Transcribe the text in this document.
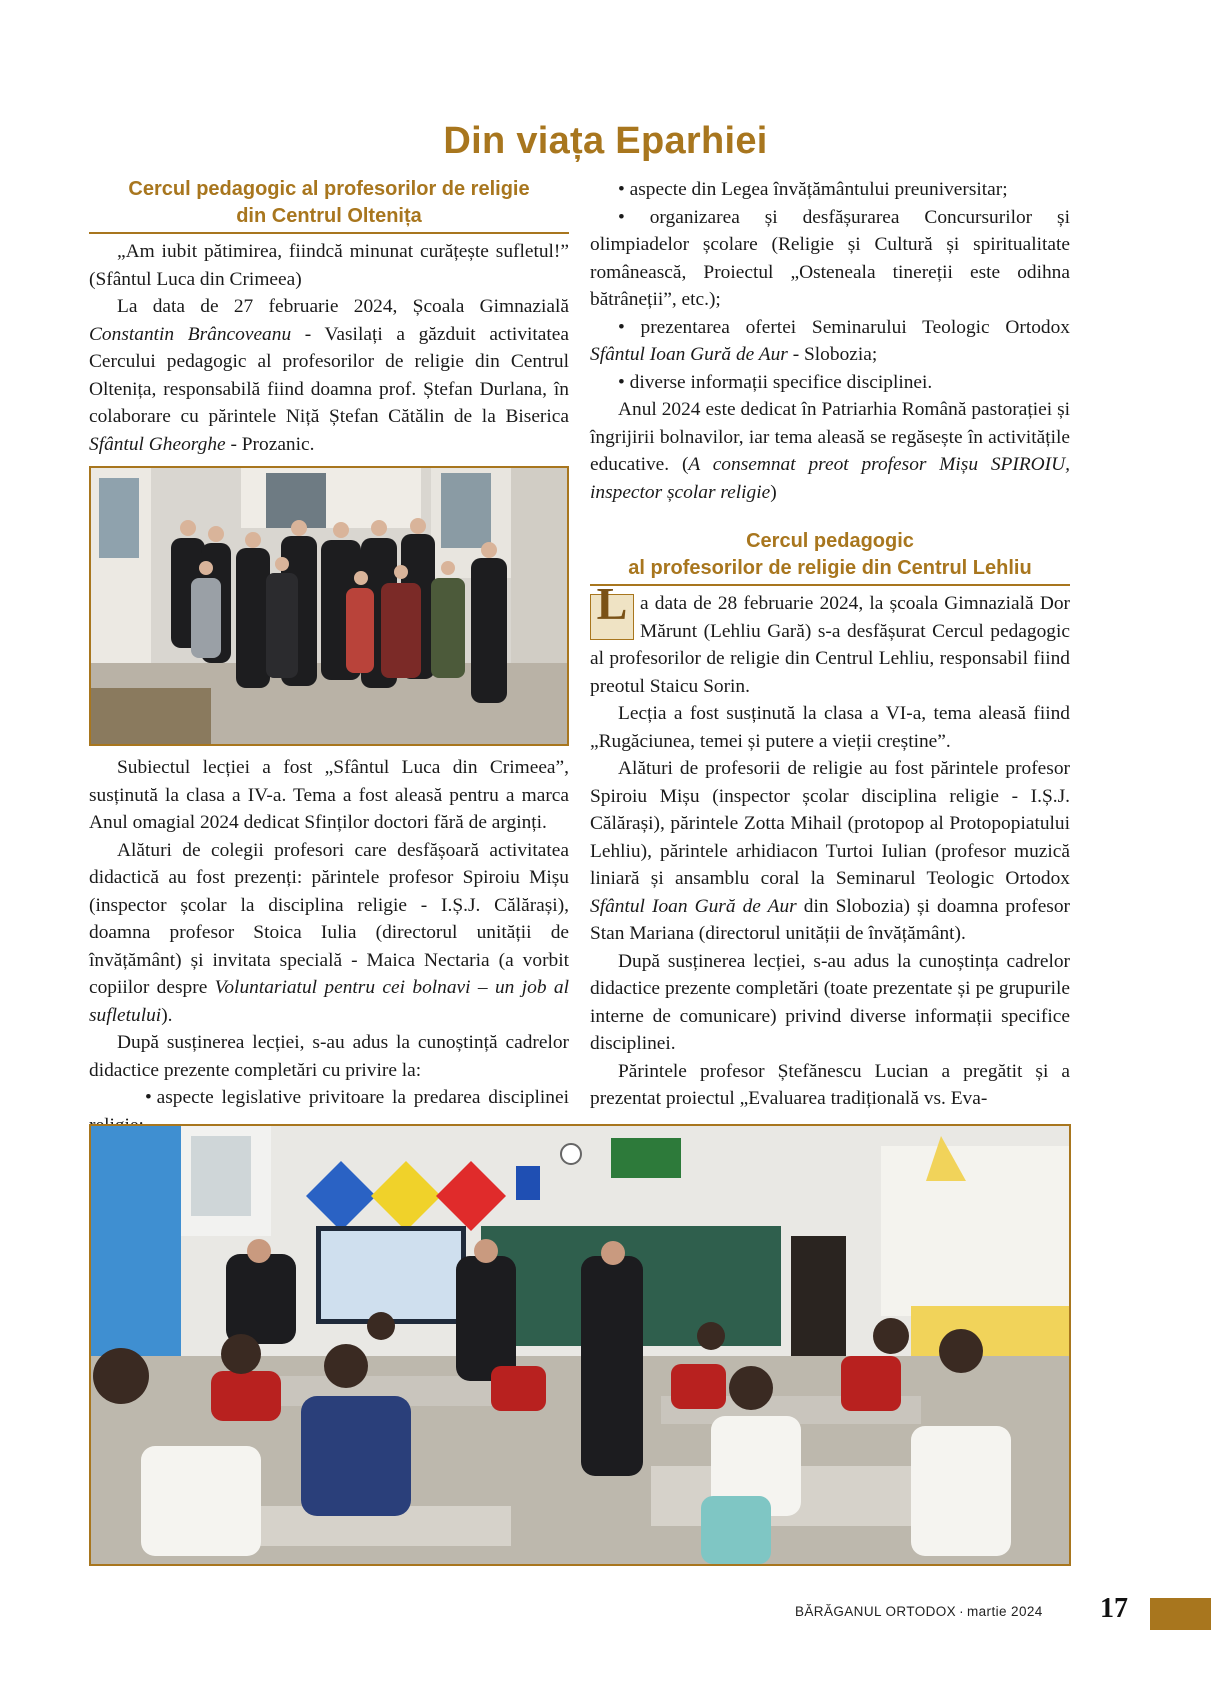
Din viața Eparhiei
Cercul pedagogic al profesorilor de religie
din Centrul Oltenița

„Am iubit pătimirea, fiindcă minunat curățește sufletul!” (Sfântul Luca din Crimeea)

La data de 27 februarie 2024, Școala Gimnazială Constantin Brâncoveanu - Vasilați a găzduit activitatea Cercului pedagogic al profesorilor de religie din Centrul Oltenița, responsabilă fiind doamna prof. Ștefan Durlana, în colaborare cu părintele Niță Ștefan Cătălin de la Biserica Sfântul Gheorghe - Prozanic.

Subiectul lecției a fost „Sfântul Luca din Crimeea”, susținută la clasa a IV-a. Tema a fost aleasă pentru a marca Anul omagial 2024 dedicat Sfinților doctori fără de arginți.

Alături de colegii profesori care desfășoară activitatea didactică au fost prezenți: părintele profesor Spiroiu Mișu (inspector școlar la disciplina religie - I.Ș.J. Călărași), doamna profesor Stoica Iulia (directorul unității de învățământ) și invitata specială - Maica Nectaria (a vorbit copiilor despre Voluntariatul pentru cei bolnavi – un job al sufletului).

După susținerea lecției, s-au adus la cunoștință cadrelor didactice prezente completări cu privire la:

• aspecte legislative privitoare la predarea disciplinei

• aspecte din Legea învățământului preuniversitar;

• organizarea și desfășurarea Concursurilor și olimpiadelor școlare (Religie și Cultură și spiritualitate românească, Proiectul „Osteneala tinereții este odihna bătrâneții”, etc.);

• prezentarea ofertei Seminarului Teologic Ortodox Sfântul Ioan Gură de Aur - Slobozia;

• diverse informații specifice disciplinei.

Anul 2024 este dedicat în Patriarhia Română pastorației și îngrijirii bolnavilor, iar tema aleasă se regăsește în activitățile educative. (A consemnat preot profesor Mișu SPIROIU, inspector școlar religie)

Cercul pedagogic
al profesorilor de religie din Centrul Lehliu

L a data de 28 februarie 2024, la școala Gimnazială Dor Mărunt (Lehliu Gară) s-a desfășurat Cercul pedagogic al profesorilor de religie din Centrul Lehliu, responsabil fiind preotul Staicu Sorin.

Lecția a fost susținută la clasa a VI-a, tema aleasă fiind „Rugăciunea, temei și putere a vieții creștine”.

Alături de profesorii de religie au fost părintele profesor Spiroiu Mișu (inspector școlar disciplina religie - I.Ș.J. Călărași), părintele Zotta Mihail (protopop al Protopopiatului Lehliu), părintele arhidiacon Turtoi Iulian (profesor muzică liniară și ansamblu coral la Seminarul Teologic Ortodox Sfântul Ioan Gură de Aur din Slobozia) și doamna profesor Stan Mariana (directorul unității de învățământ).

După susținerea lecției, s-au adus la cunoștința cadrelor didactice prezente completări (toate prezentate și pe grupurile interne de comunicare) privind diverse informații specifice disciplinei.

Părintele profesor Ștefănescu Lucian a pregătit și a prezentat proiectul „Evaluarea tradițională vs. Eva-

BĂRĂGANUL ORTODOX · martie 2024 17
